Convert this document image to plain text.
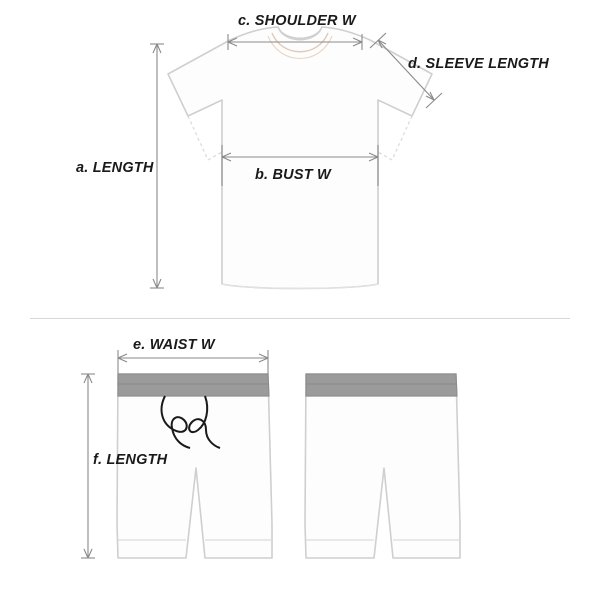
a. LENGTH	b. BUST W
c. SHOULDER W
d. SLEEVE LENGTH
e. WAIST W
f. LENGTH
